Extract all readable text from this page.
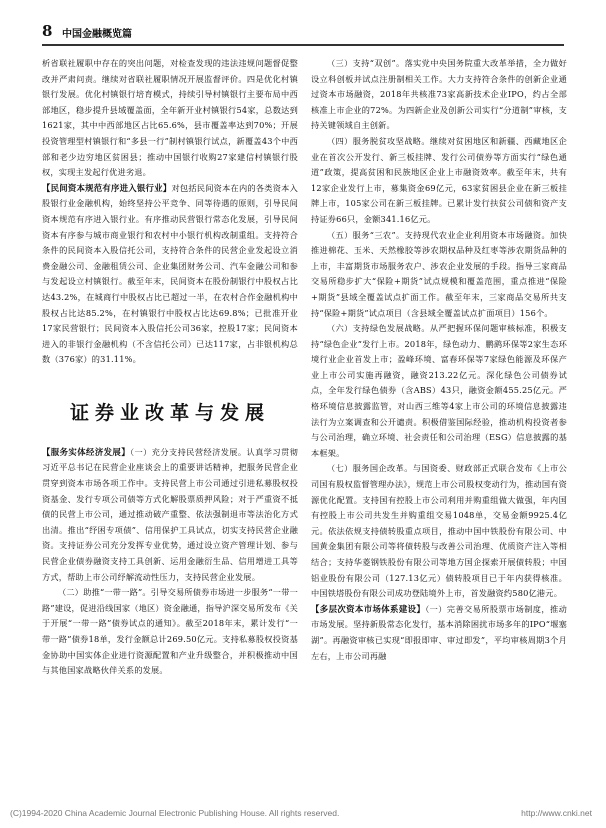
8 中国金融概览篇

析省联社履职中存在的突出问题，对检查发现的违法违规问题督促整改并严肃问责。继续对省联社履职情况开展监督评价。四是优化村镇银行发展。优化村镇银行培育模式，持续引导村镇银行主要布局中西部地区，稳步提升县域覆盖面，全年新开业村镇银行54家，总数达到1621家，其中中西部地区占比65.6%，县市覆盖率达到70%；开展投资管理型村镇银行和“多县一行”制村镇银行试点，新覆盖43个中西部和老少边穷地区贫困县；推动中国银行收购27家建信村镇银行股权，实现主发起行优进劣退。

【民间资本规范有序进入银行业】对包括民间资本在内的各类资本入股银行业金融机构，始终坚持公平竞争、同等待遇的原则，引导民间资本规范有序进入银行业。有序推动民营银行常态化发展，引导民间资本有序参与城市商业银行和农村中小银行机构改制重组。支持符合条件的民间资本入股信托公司，支持符合条件的民营企业发起设立消费金融公司、金融租赁公司、企业集团财务公司、汽车金融公司和参与发起设立村镇银行。截至年末，民间资本在股份制银行中股权占比达43.2%，在城商行中股权占比已超过一半，在农村合作金融机构中股权占比达85.2%，在村镇银行中股权占比达69.8%；已批准开业17家民营银行；民间资本入股信托公司36家，控股17家；民间资本进入的非银行金融机构（不含信托公司）已达117家，占非银机构总数（376家）的31.11%。

证券业改革与发展

【服务实体经济发展】（一）充分支持民营经济发展。认真学习贯彻习近平总书记在民营企业座谈会上的重要讲话精神，把服务民营企业贯穿到资本市场各项工作中。支持民营上市公司通过引进私募股权投资基金、发行专项公司债等方式化解股票质押风险；对于严重资不抵债的民营上市公司，通过推动破产重整、依法强制退市等法治化方式出清。推出“纾困专项债”、信用保护工具试点，切实支持民营企业融资。支持证券公司充分发挥专业优势，通过设立资产管理计划、参与民营企业债券融资支持工具创新、运用金融衍生品、信用增进工具等方式，帮助上市公司纾解流动性压力，支持民营企业发展。

（二）助推“一带一路”。引导交易所债券市场进一步服务“一带一路”建设，促进沿线国家（地区）资金融通，指导沪深交易所发布《关于开展“一带一路”债券试点的通知》。截至2018年末，累计发行“一带一路”债券18单，发行金额总计269.50亿元。支持私募股权投资基金协助中国实体企业进行资源配置和产业升级整合，并积极推动中国与其他国家战略伙伴关系的发展。

（三）支持“双创”。落实党中央国务院重大改革举措，全力做好设立科创板并试点注册制相关工作。大力支持符合条件的创新企业通过资本市场融资，2018年共核准73家高新技术企业IPO，约占全部核准上市企业的72%。为四新企业及创新公司实行“分道制”审核，支持关键领域自主创新。

（四）服务脱贫攻坚战略。继续对贫困地区和新疆、西藏地区企业在首次公开发行、新三板挂牌、发行公司债券等方面实行“绿色通道”政策，提高贫困和民族地区企业上市融资效率。截至年末，共有12家企业发行上市，募集资金69亿元，63家贫困县企业在新三板挂牌上市，105家公司在新三板挂牌。已累计发行扶贫公司债和资产支持证券66只，金额341.16亿元。

（五）服务“三农”。支持现代农业企业利用资本市场融资。加快推进棉花、玉米、天然橡胶等涉农期权品种及红枣等涉农期货品种的上市，丰富期货市场服务农户、涉农企业发展的手段。指导三家商品交易所稳步扩大“保险+期货”试点规模和覆盖范围，重点推进“保险+期货”县域全覆盖试点扩面工作。截至年末，三家商品交易所共支持“保险+期货”试点项目（含县域全覆盖试点扩面项目）156个。

（六）支持绿色发展战略。从严把握环保问题审核标准，积极支持“绿色企业”发行上市。2018年，绿色动力、鹏鹞环保等2家生态环境行业企业首发上市；盈峰环境、富春环保等7家绿色能源及环保产业上市公司实施再融资，融资213.22亿元。深化绿色公司债券试点，全年发行绿色债券（含ABS）43只，融资金额455.25亿元。严格环境信息披露监管，对山西三维等4家上市公司的环境信息披露违法行为立案调查和公开谴责。积极借鉴国际经验，推动机构投资者参与公司治理，确立环境、社会责任和公司治理（ESG）信息披露的基本框架。

（七）服务国企改革。与国资委、财政部正式联合发布《上市公司国有股权监督管理办法》，规范上市公司股权变动行为，推动国有资源优化配置。支持国有控股上市公司利用并购重组做大做强，年内国有控股上市公司共发生并购重组交易1048单，交易金额9925.4亿元。依法依规支持债转股重点项目，推动中国中铁股份有限公司、中国黄金集团有限公司等将债转股与改善公司治理、优质资产注入等相结合；支持华菱钢铁股份有限公司等地方国企探索开展债转股；中国铝业股份有限公司（127.13亿元）债转股项目已于年内获得核准。中国铁塔股份有限公司成功登陆境外上市，首发融资约580亿港元。

【多层次资本市场体系建设】（一）完善交易所股票市场制度，推动市场发展。坚持新股常态化发行，基本消除困扰市场多年的IPO“堰塞湖”。再融资审核已实现“即报即审、审过即发”，平均审核周期3个月左右，上市公司再融

(C)1994-2020 China Academic Journal Electronic Publishing House. All rights reserved.	http://www.cnki.net
